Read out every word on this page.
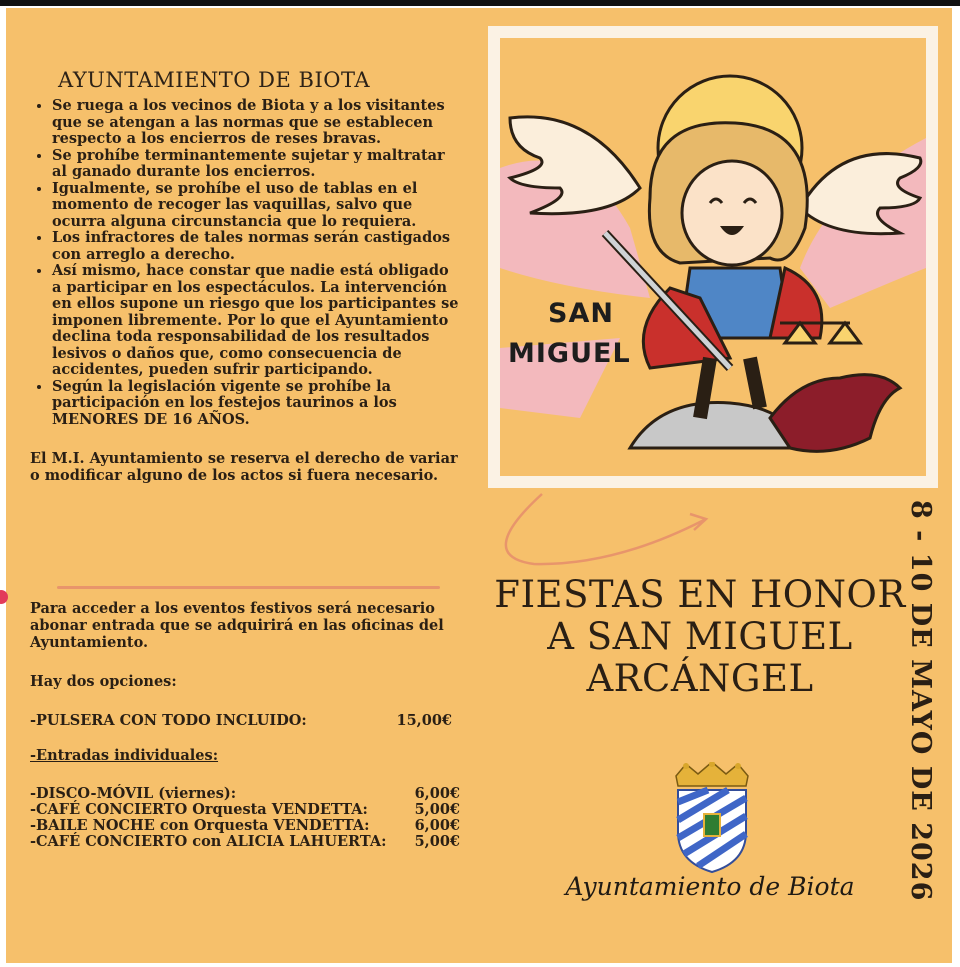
AYUNTAMIENTO DE BIOTA
• Se ruega a los vecinos de Biota y a los visitantes que se atengan a las normas que se establecen respecto a los encierros de reses bravas.
• Se prohíbe terminantemente sujetar y maltratar al ganado durante los encierros.
• Igualmente, se prohíbe el uso de tablas en el momento de recoger las vaquillas, salvo que ocurra alguna circunstancia que lo requiera.
• Los infractores de tales normas serán castigados con arreglo a derecho.
• Así mismo, hace constar que nadie está obligado a participar en los espectáculos. La intervención en ellos supone un riesgo que los participantes se imponen libremente. Por lo que el Ayuntamiento declina toda responsabilidad de los resultados lesivos o daños que, como consecuencia de accidentes, pueden sufrir participando.
• Según la legislación vigente se prohíbe la participación en los festejos taurinos a los MENORES DE 16 AÑOS.

El M.I. Ayuntamiento se reserva el derecho de variar o modificar alguno de los actos si fuera necesario.

Para acceder a los eventos festivos será necesario abonar entrada que se adquirirá en las oficinas del Ayuntamiento.

Hay dos opciones:

-PULSERA CON TODO INCLUIDO:	15,00€

-Entradas individuales:

-DISCO-MÓVIL (viernes):	6,00€
-CAFÉ CONCIERTO Orquesta VENDETTA:	5,00€
-BAILE NOCHE con Orquesta VENDETTA:	6,00€
-CAFÉ CONCIERTO con ALICIA LAHUERTA: 5,00€
SAN
MIGUEL
FIESTAS EN HONOR
A SAN MIGUEL
ARCÁNGEL	8 - 10 DE MAYO DE 2026
Ayuntamiento de Biota
